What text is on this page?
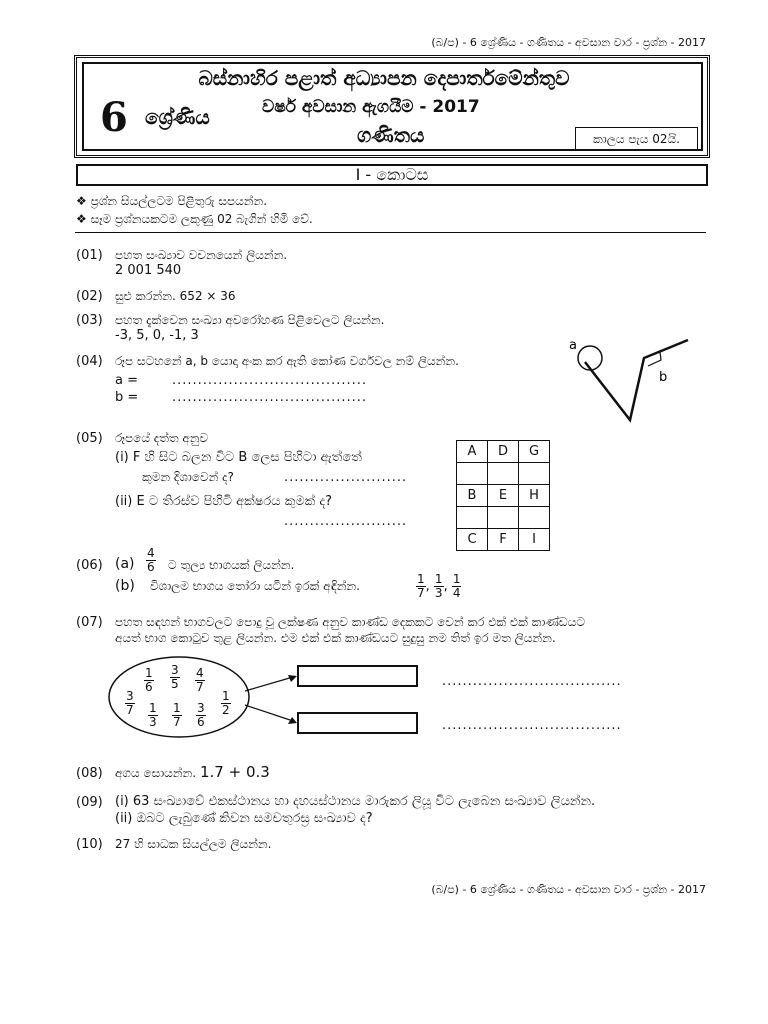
(බ/ප) - 6 ශ්‍රේණිය - ගණිතය - අවසාන වාර - ප්‍රශ්න - 2017
බස්නාහිර පළාත් අධ්‍යාපන දෙපාර්තමේන්තුව
වර්ෂ අවසාන ඇගයීම - 2017
ගණිතය
6 ශ්‍රේණිය
කාලය පැය 02යි.
I - කොටස
❖ ප්‍රශ්න සියල්ලටම පිළිතුරු සපයන්න.
❖ සෑම ප්‍රශ්නයකටම ලකුණු 02 බැගින් හිමි වේ.
(01) පහත සංඛ්‍යාව වචනයෙන් ලියන්න.
2 001 540
(02) සුළු කරන්න. 652 × 36
(03) පහත දැක්වෙන සංඛ්‍යා අවරෝහණ පිළිවෙලට ලියන්න.
-3, 5, 0, -1, 3
(04) රූප සටහනේ a, b යොදා අංක කර ඇති කෝණ වර්ගවල නම් ලියන්න.
a =	......................................
b =	......................................
a
b
(05) රූපයේ දත්ත අනුව
(i) F හි සිට බලන විට B ලෙස පිහිටා ඇත්තේ
කුමන දිශාවෙන් ද?	........................
(ii) E ට තිරස්ව පිහිටි අක්ෂරය කුමක් ද?
........................
A	D	G

B	E	H

C	F	I
(06) $(a) \frac{4}{6}$ ට තුල්‍ය භාගයක් ලියන්න.
(b) විශාලම භාගය තෝරා යටින් ඉරක් අඳින්න.	$\frac{1}{7}$ , $\frac{1}{3}$ , $\frac{1}{4}$
(07) පහත සඳහන් භාගවලට පොදු වූ ලක්ෂණ අනුව කාණ්ඩ දෙකකට වෙන් කර එක් එක් කාණ්ඩයට
අයත් භාග කොටුව තුළ ලියන්න. එම එක් එක් කාණ්ඩයට සුදුසු නම තිත් ඉර මත ලියන්න.
$\frac{1}{6} \frac{3}{5} \frac{4}{7}$
$\frac{3}{7} \frac{1}{3} \frac{1}{7} \frac{3}{6} \frac{1}{2}$
...................................
...................................
(08) අගය සොයන්න. 1.7 + 0.3
(09) (i) 63 සංඛ්‍යාවේ එකස්ථානය හා දහයස්ථානය මාරුකර ලියූ විට ලැබෙන සංඛ්‍යාව ලියන්න.
(ii) ඔබට ලැබුණේ කිවන සමචතුරස්‍ර සංඛ්‍යාව ද?
(10) 27 හි සාධක සියල්ලම ලියන්න.
(බ/ප) - 6 ශ්‍රේණිය - ගණිතය - අවසාන වාර - ප්‍රශ්න - 2017
